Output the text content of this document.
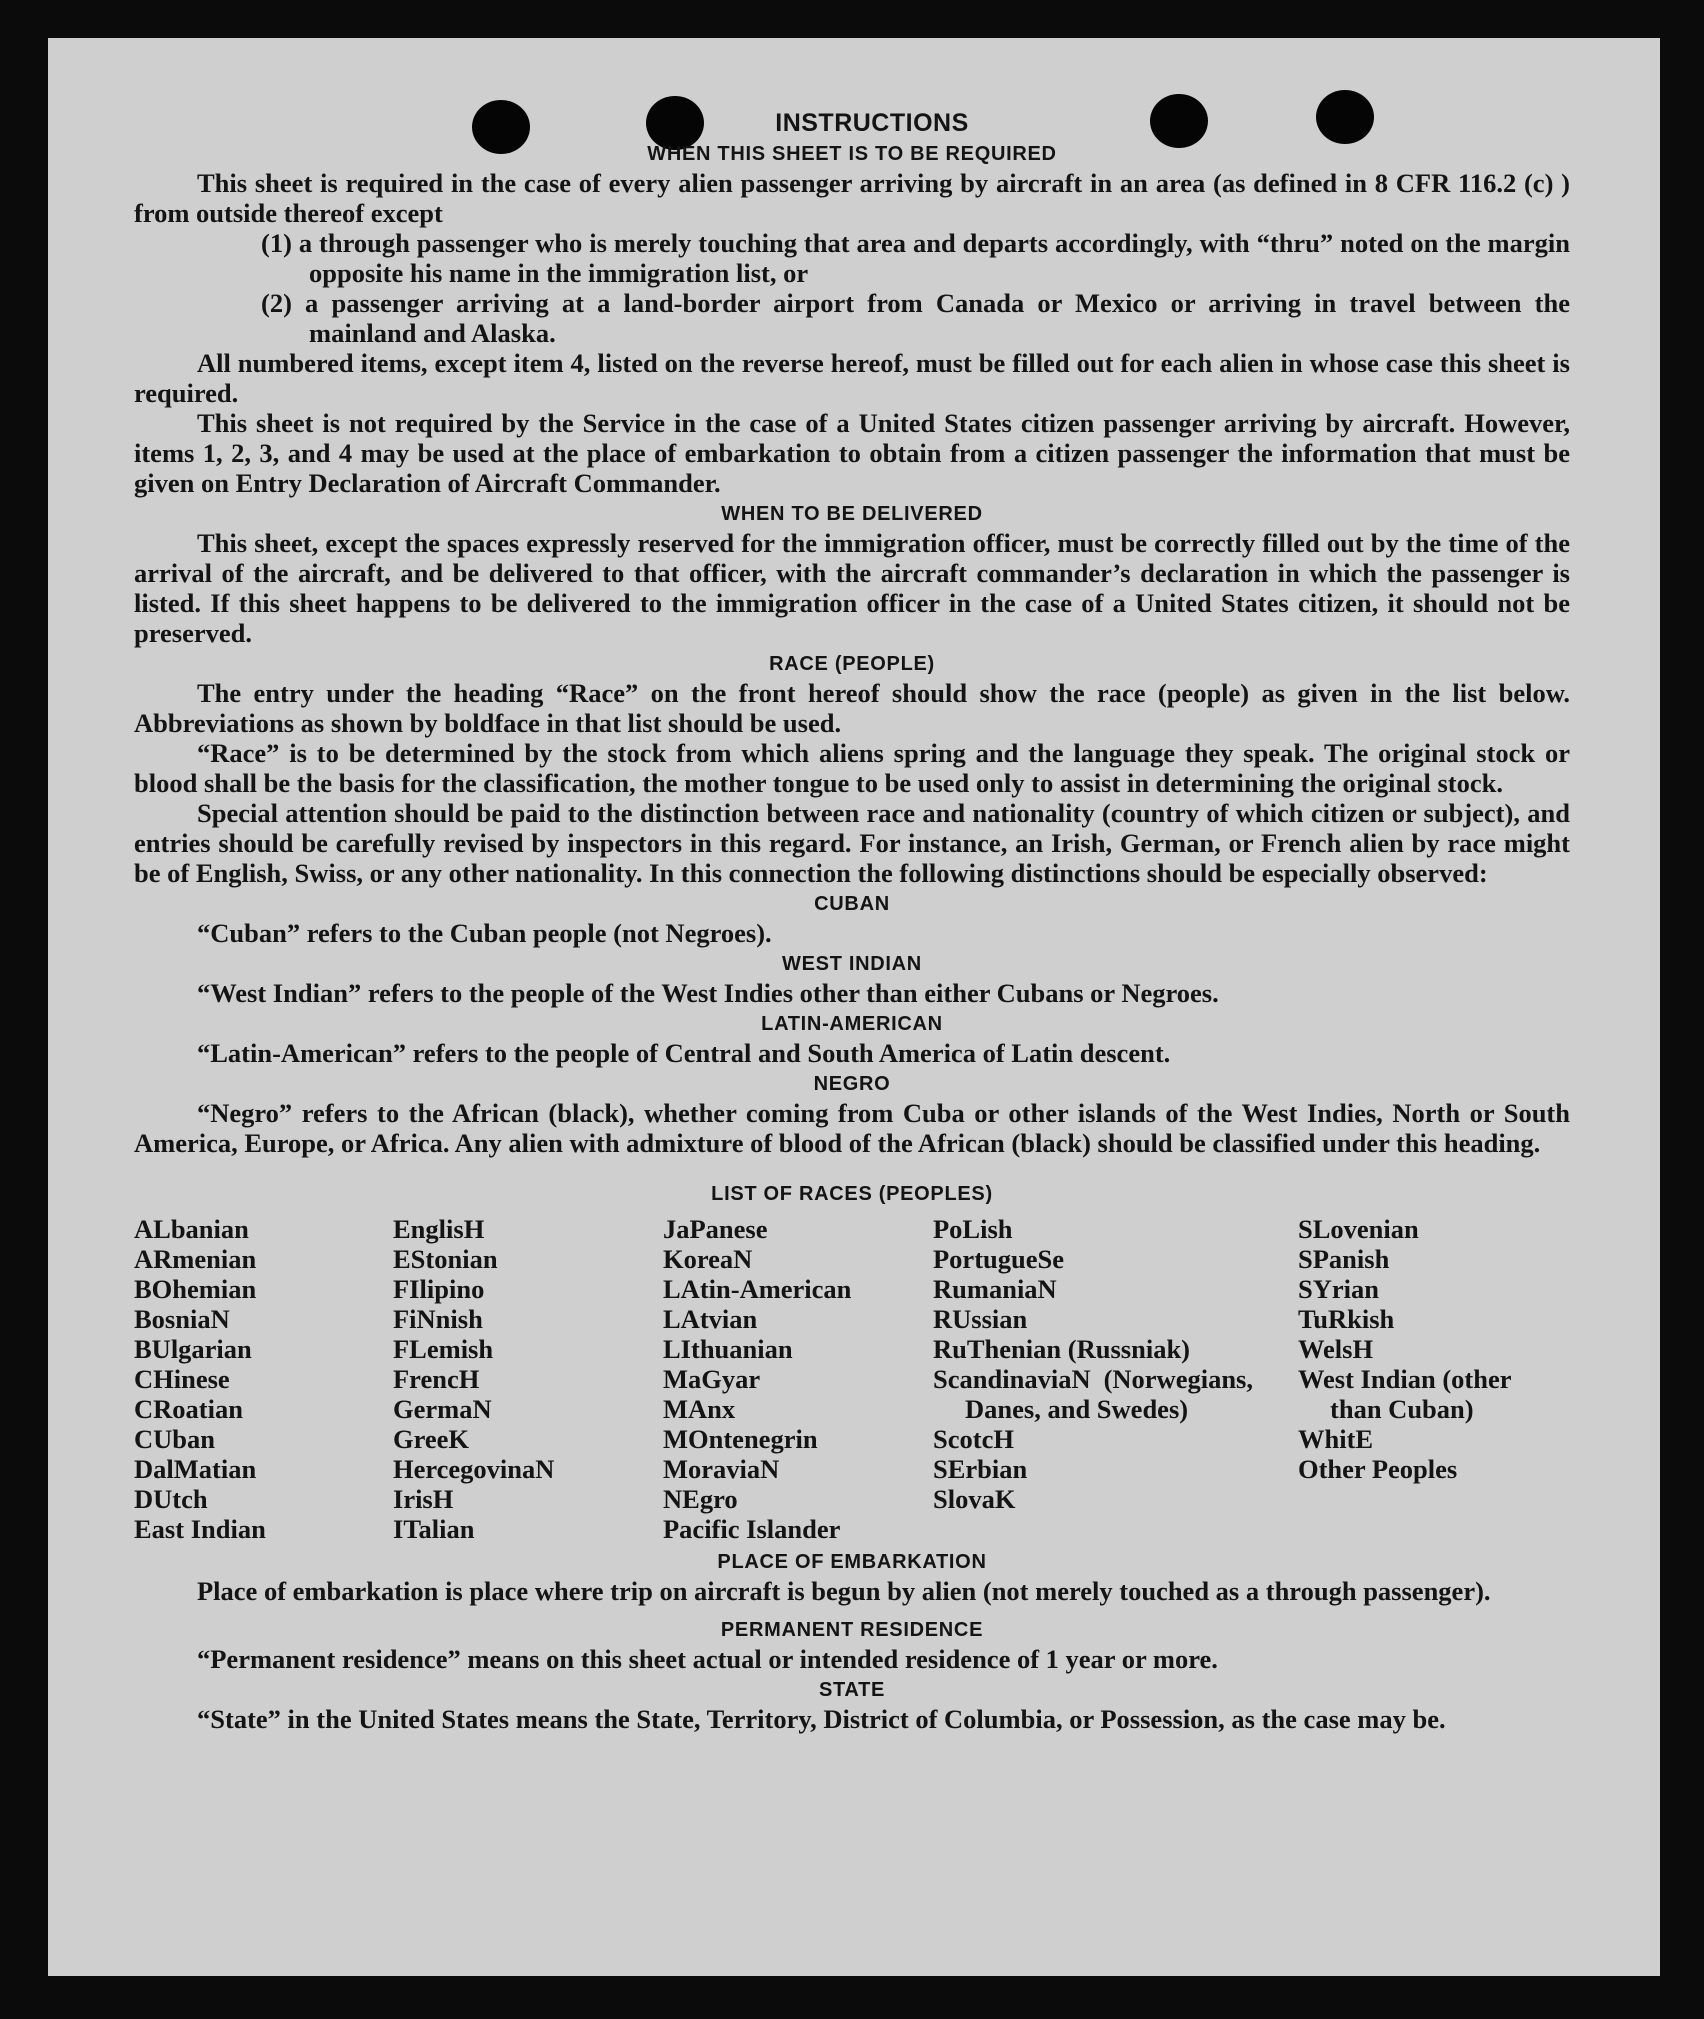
INSTRUCTIONS
WHEN THIS SHEET IS TO BE REQUIRED

This sheet is required in the case of every alien passenger arriving by aircraft in an area (as defined in 8 CFR 116.2 (c) ) from outside thereof except

(1) a through passenger who is merely touching that area and departs accordingly, with “thru” noted on the margin opposite his name in the immigration list, or

(2) a passenger arriving at a land-border airport from Canada or Mexico or arriving in travel between the mainland and Alaska.

All numbered items, except item 4, listed on the reverse hereof, must be filled out for each alien in whose case this sheet is required.

This sheet is not required by the Service in the case of a United States citizen passenger arriving by aircraft. However, items 1, 2, 3, and 4 may be used at the place of embarkation to obtain from a citizen passenger the information that must be given on Entry Declaration of Aircraft Commander.

WHEN TO BE DELIVERED

This sheet, except the spaces expressly reserved for the immigration officer, must be correctly filled out by the time of the arrival of the aircraft, and be delivered to that officer, with the aircraft commander’s declaration in which the passenger is listed. If this sheet happens to be delivered to the immigration officer in the case of a United States citizen, it should not be preserved.

RACE (PEOPLE)

The entry under the heading “Race” on the front hereof should show the race (people) as given in the list below. Abbreviations as shown by boldface in that list should be used.

“Race” is to be determined by the stock from which aliens spring and the language they speak. The original stock or blood shall be the basis for the classification, the mother tongue to be used only to assist in determining the original stock.

Special attention should be paid to the distinction between race and nationality (country of which citizen or subject), and entries should be carefully revised by inspectors in this regard. For instance, an Irish, German, or French alien by race might be of English, Swiss, or any other nationality. In this connection the following distinctions should be especially observed:

CUBAN

“Cuban” refers to the Cuban people (not Negroes).

WEST INDIAN

“West Indian” refers to the people of the West Indies other than either Cubans or Negroes.

LATIN-AMERICAN

“Latin-American” refers to the people of Central and South America of Latin descent.

NEGRO

“Negro” refers to the African (black), whether coming from Cuba or other islands of the West Indies, North or South America, Europe, or Africa. Any alien with admixture of blood of the African (black) should be classified under this heading.

LIST OF RACES (PEOPLES)
ALbanian
ARmenian
BOhemian
BosniaN
BUlgarian
CHinese
CRoatian
CUban
DalMatian
DUtch
East Indian
EnglisH
EStonian
FIlipino
FiNnish
FLemish
FrencH
GermaN
GreeK
HercegovinaN
IrisH
ITalian
JaPanese
KoreaN
LAtin-American
LAtvian
LIthuanian
MaGyar
MAnx
MOntenegrin
MoraviaN
NEgro
Pacific Islander
PoLish
PortugueSe
RumaniaN
RUssian
RuThenian (Russniak)
ScandinaviaN (Norwegians, Danes, and Swedes)
ScotcH
SErbian
SlovaK
SLovenian
SPanish
SYrian
TuRkish
WelsH
West Indian (other
than Cuban)
WhitE
Other Peoples
PLACE OF EMBARKATION

Place of embarkation is place where trip on aircraft is begun by alien (not merely touched as a through passenger).

PERMANENT RESIDENCE

“Permanent residence” means on this sheet actual or intended residence of 1 year or more.

STATE

“State” in the United States means the State, Territory, District of Columbia, or Possession, as the case may be.
